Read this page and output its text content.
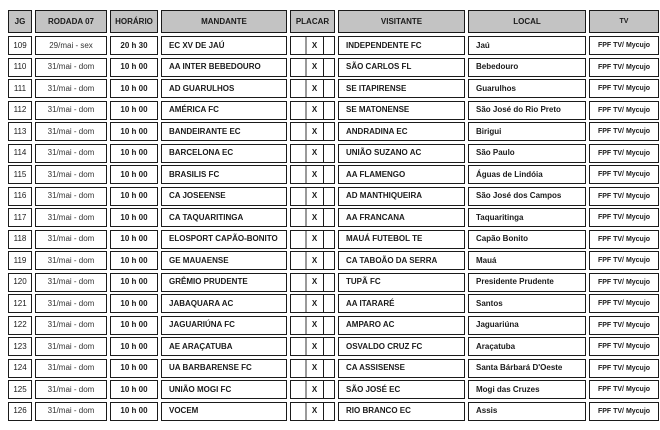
JG	RODADA 07	HORÁRIO	MANDANTE	PLACAR	VISITANTE	LOCAL	TV
109	29/mai - sex	20 h 30	EC XV DE JAÚ	X	INDEPENDENTE FC	Jaú	FPF TV/ Mycujo
110	31/mai - dom	10 h 00	AA INTER BEBEDOURO	X	SÃO CARLOS FL	Bebedouro	FPF TV/ Mycujo
111	31/mai - dom	10 h 00	AD GUARULHOS	X	SE ITAPIRENSE	Guarulhos	FPF TV/ Mycujo
112	31/mai - dom	10 h 00	AMÉRICA FC	X	SE MATONENSE	São José do Rio Preto	FPF TV/ Mycujo
113	31/mai - dom	10 h 00	BANDEIRANTE EC	X	ANDRADINA EC	Birigui	FPF TV/ Mycujo
114	31/mai - dom	10 h 00	BARCELONA EC	X	UNIÃO SUZANO AC	São Paulo	FPF TV/ Mycujo
115	31/mai - dom	10 h 00	BRASILIS FC	X	AA FLAMENGO	Águas de Lindóia	FPF TV/ Mycujo
116	31/mai - dom	10 h 00	CA JOSEENSE	X	AD MANTHIQUEIRA	São José dos Campos	FPF TV/ Mycujo
117	31/mai - dom	10 h 00	CA TAQUARITINGA	X	AA FRANCANA	Taquaritinga	FPF TV/ Mycujo
118	31/mai - dom	10 h 00	ELOSPORT CAPÃO-BONITO	X	MAUÁ FUTEBOL TE	Capão Bonito	FPF TV/ Mycujo
119	31/mai - dom	10 h 00	GE MAUAENSE	X	CA TABOÃO DA SERRA	Mauá	FPF TV/ Mycujo
120	31/mai - dom	10 h 00	GRÊMIO PRUDENTE	X	TUPÃ FC	Presidente Prudente	FPF TV/ Mycujo
121	31/mai - dom	10 h 00	JABAQUARA AC	X	AA ITARARÉ	Santos	FPF TV/ Mycujo
122	31/mai - dom	10 h 00	JAGUARIÚNA FC	X	AMPARO AC	Jaguariúna	FPF TV/ Mycujo
123	31/mai - dom	10 h 00	AE ARAÇATUBA	X	OSVALDO CRUZ FC	Araçatuba	FPF TV/ Mycujo
124	31/mai - dom	10 h 00	UA BARBARENSE FC	X	CA ASSISENSE	Santa Bárbará D'Oeste	FPF TV/ Mycujo
125	31/mai - dom	10 h 00	UNIÃO MOGI FC	X	SÃO JOSÉ EC	Mogi das Cruzes	FPF TV/ Mycujo
126	31/mai - dom	10 h 00	VOCEM	X	RIO BRANCO EC	Assis	FPF TV/ Mycujo
